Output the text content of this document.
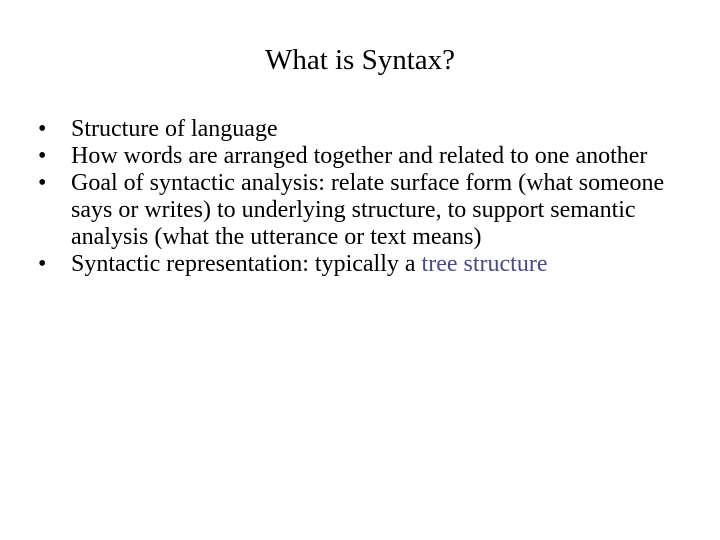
What is Syntax?
•	Structure of language
•	How words are arranged together and related to one another
•	Goal of syntactic analysis: relate surface form (what someone says or writes) to underlying structure, to support semantic analysis (what the utterance or text means)
•	Syntactic representation: typically a tree structure
